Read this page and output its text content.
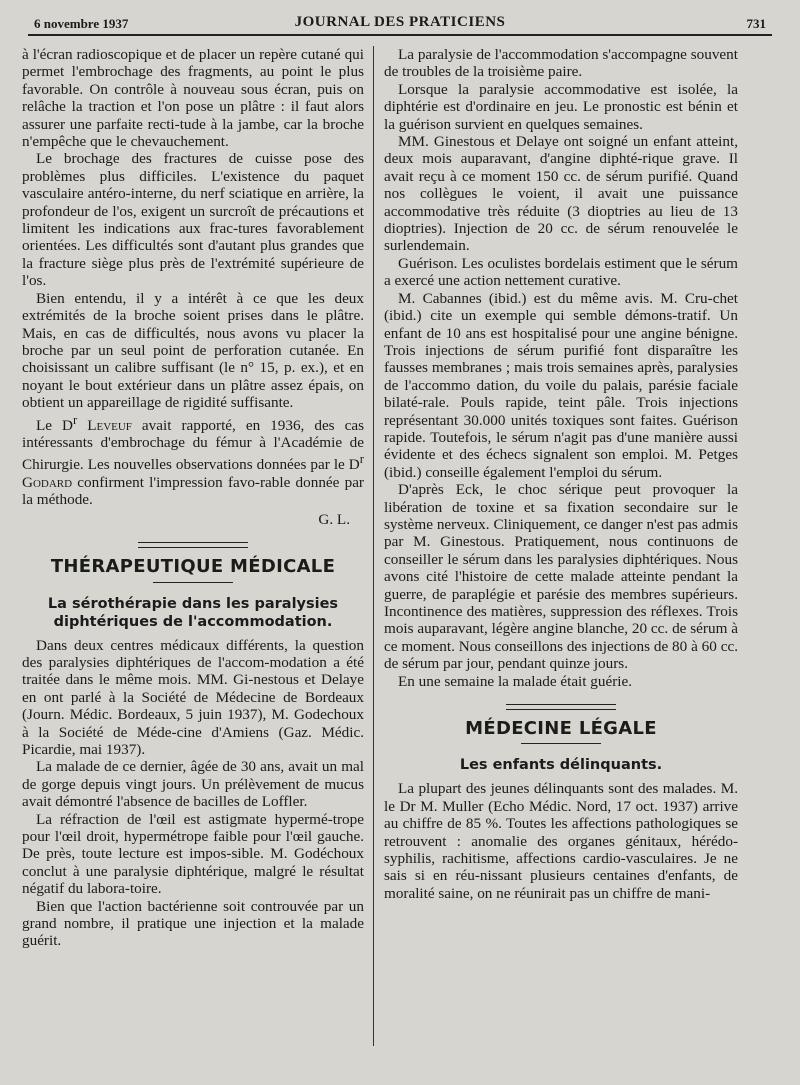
6 novembre 1937	JOURNAL DES PRATICIENS	731

à l'écran radioscopique et de placer un repère cutané qui permet l'embrochage des fragments, au point le plus favorable. On contrôle à nouveau sous écran, puis on relâche la traction et l'on pose un plâtre : il faut alors assurer une parfaite recti-tude à la jambe, car la broche n'empêche que le chevauchement.

Le brochage des fractures de cuisse pose des problèmes plus difficiles. L'existence du paquet vasculaire antéro-interne, du nerf sciatique en arrière, la profondeur de l'os, exigent un surcroît de précautions et limitent les indications aux frac-tures favorablement orientées. Les difficultés sont d'autant plus grandes que la fracture siège plus près de l'extrémité supérieure de l'os.

Bien entendu, il y a intérêt à ce que les deux extrémités de la broche soient prises dans le plâtre. Mais, en cas de difficultés, nous avons vu placer la broche par un seul point de perforation cutanée. En choisissant un calibre suffisant (le n° 15, p. ex.), et en noyant le bout extérieur dans un plâtre assez épais, on obtient un appareillage de rigidité suffisante.

Le $D^r$ Leveuf avait rapporté, en 1936, des cas intéressants d'embrochage du fémur à l'Académie de Chirurgie. Les nouvelles observations données par le $D^r$ Godard confirment l'impression favo-rable donnée par la méthode.

G. L.
THÉRAPEUTIQUE MÉDICALE
La sérothérapie dans les paralysies diphtériques de l'accommodation.

Dans deux centres médicaux différents, la question des paralysies diphtériques de l'accom-modation a été traitée dans le même mois. MM. Gi-nestous et Delaye en ont parlé à la Société de Médecine de Bordeaux (Journ. Médic. Bordeaux, 5 juin 1937), M. Godechoux à la Société de Méde-cine d'Amiens (Gaz. Médic. Picardie, mai 1937).

La malade de ce dernier, âgée de 30 ans, avait un mal de gorge depuis vingt jours. Un prélèvement de mucus avait démontré l'absence de bacilles de Loffler.

La réfraction de l'œil est astigmate hypermé-trope pour l'œil droit, hypermétrope faible pour l'œil gauche. De près, toute lecture est impos-sible. M. Godéchoux conclut à une paralysie diphtérique, malgré le résultat négatif du labora-toire.

Bien que l'action bactérienne soit controuvée par un grand nombre, il pratique une injection et la malade guérit.

La paralysie de l'accommodation s'accompagne souvent de troubles de la troisième paire.

Lorsque la paralysie accommodative est isolée, la diphtérie est d'ordinaire en jeu. Le pronostic est bénin et la guérison survient en quelques semaines.

MM. Ginestous et Delaye ont soigné un enfant atteint, deux mois auparavant, d'angine diphté-rique grave. Il avait reçu à ce moment 150 cc. de sérum purifié. Quand nos collègues le voient, il avait une puissance accommodative très réduite (3 dioptries au lieu de 13 dioptries). Injection de 20 cc. de sérum renouvelée le surlendemain.

Guérison. Les oculistes bordelais estiment que le sérum a exercé une action nettement curative.

M. Cabannes (ibid.) est du même avis. M. Cru-chet (ibid.) cite un exemple qui semble démons-tratif. Un enfant de 10 ans est hospitalisé pour une angine bénigne. Trois injections de sérum purifié font disparaître les fausses membranes ; mais trois semaines après, paralysies de l'accommo dation, du voile du palais, parésie faciale bilaté-rale. Pouls rapide, teint pâle. Trois injections représentant 30.000 unités toxiques sont faites. Guérison rapide. Toutefois, le sérum n'agit pas d'une manière aussi évidente et des échecs signalent son emploi. M. Petges (ibid.) conseille également l'emploi du sérum.

D'après Eck, le choc sérique peut provoquer la libération de toxine et sa fixation secondaire sur le système nerveux. Cliniquement, ce danger n'est pas admis par M. Ginestous. Pratiquement, nous continuons de conseiller le sérum dans les paralysies diphtériques. Nous avons cité l'histoire de cette malade atteinte pendant la guerre, de paraplégie et parésie des membres supérieurs. Incontinence des matières, suppression des réflexes. Trois mois auparavant, légère angine blanche, 20 cc. de sérum à ce moment. Nous conseillons des injections de 80 à 60 cc. de sérum par jour, pendant quinze jours.

En une semaine la malade était guérie.

MÉDECINE LÉGALE
Les enfants délinquants.

La plupart des jeunes délinquants sont des malades. M. le Dr M. Muller (Echo Médic. Nord, 17 oct. 1937) arrive au chiffre de 85 %. Toutes les affections pathologiques se retrouvent : anomalie des organes génitaux, hérédo-syphilis, rachitisme, affections cardio-vasculaires. Je ne sais si en réu-nissant plusieurs centaines d'enfants, de moralité saine, on ne réunirait pas un chiffre de mani-
